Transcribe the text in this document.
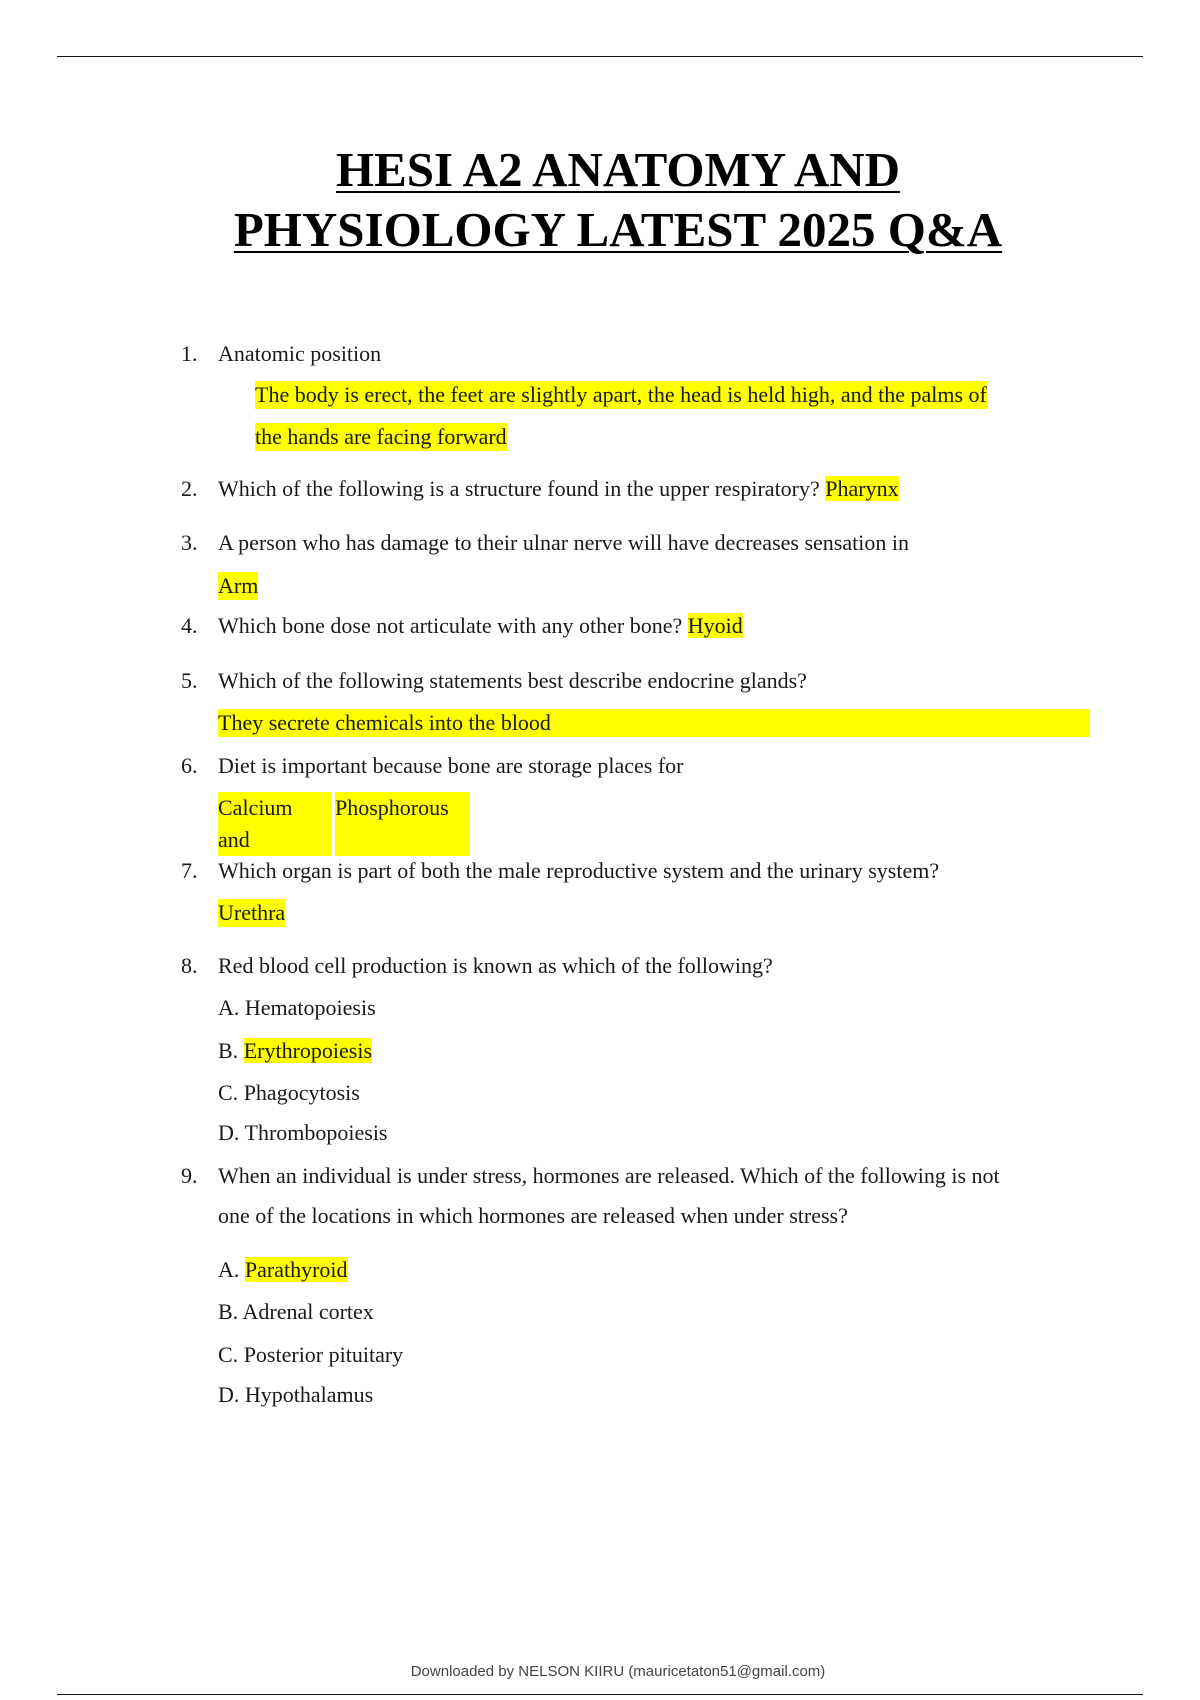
HESI A2 ANATOMY AND
PHYSIOLOGY LATEST 2025 Q&A
1. Anatomic position
The body is erect, the feet are slightly apart, the head is held high, and the palms of
the hands are facing forward
2. Which of the following is a structure found in the upper respiratory? Pharynx
3. A person who has damage to their ulnar nerve will have decreases sensation in
Arm
4. Which bone dose not articulate with any other bone? Hyoid
5. Which of the following statements best describe endocrine glands?
They secrete chemicals into the blood
6. Diet is important because bone are storage places for
Calcium
and
Phosphorous
7. Which organ is part of both the male reproductive system and the urinary system?
Urethra
8. Red blood cell production is known as which of the following?
A. Hematopoiesis
B. Erythropoiesis
C. Phagocytosis
D. Thrombopoiesis
9. When an individual is under stress, hormones are released. Which of the following is not
one of the locations in which hormones are released when under stress?
A. Parathyroid
B. Adrenal cortex
C. Posterior pituitary
D. Hypothalamus
Downloaded by NELSON KIIRU (mauricetaton51@gmail.com)
